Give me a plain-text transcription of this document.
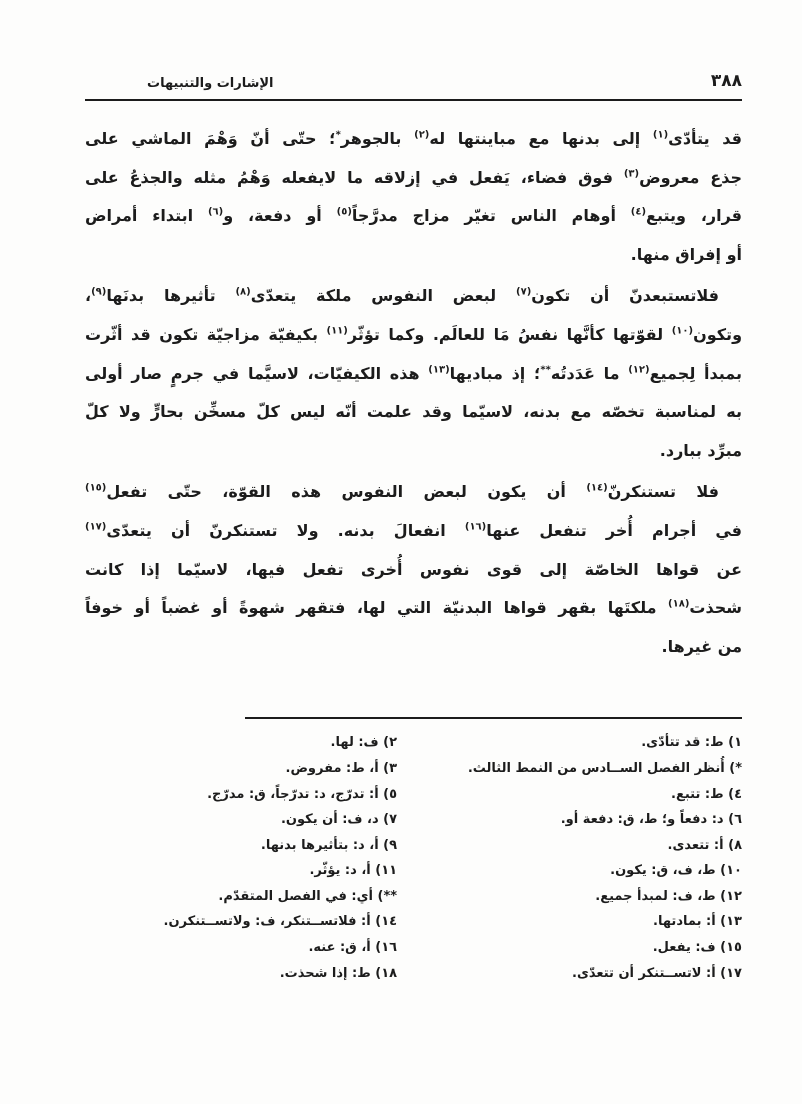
٣٨٨
الإشارات والتنبيهات
قد يتأدّى$^{(١)}$ إلى بدنها مع مباينتها له$^{(٢)}$ بالجوهر*؛ حتّى أنّ وَهْمَ الماشي على
جذع معروض$^{(٣)}$ فوق فضاء، يَفعل في إزلاقه ما لايفعله وَهْمُ مثله والجذعُ على
قرار، ويتبع$^{(٤)}$ أوهام الناس تغيّر مزاج مدرَّجاً$^{(٥)}$ أو دفعة، و$^{(٦)}$ ابتداء أمراض
أو إفراق منها.
فلاتستبعدنّ أن تكون$^{(٧)}$ لبعض النفوس ملكة يتعدّى$^{(٨)}$ تأثيرها بدنَها$^{(٩)}$،
وتكون$^{(١٠)}$ لقوّتها كأنَّها نفسُ مَا للعالَم. وكما تؤثّر$^{(١١)}$ بكيفيّة مزاجيّة تكون قد أثّرت
بمبدأ لِجميع$^{(١٢)}$ ما عَدَدتُه**؛ إذ مباديها$^{(١٣)}$ هذه الكيفيّات، لاسيَّما في جرمٍ صار أولى
به لمناسبة تخصّه مع بدنه، لاسيّما وقد علمت أنّه ليس كلّ مسخِّن بحارٍّ ولا كلّ
مبرِّد ببارد.
فلا تستنكرنّ$^{(١٤)}$ أن يكون لبعض النفوس هذه القوّة، حتّى تفعل$^{(١٥)}$
في أجرام أُخر تنفعل عنها$^{(١٦)}$ انفعالَ بدنه. ولا تستنكرنّ أن يتعدّى$^{(١٧)}$
عن قواها الخاصّة إلى قوى نفوس أُخرى تفعل فيها، لاسيّما إذا كانت
شحذت$^{(١٨)}$ ملكتَها بقهر قواها البدنيّة التي لها، فتقهر شهوةً أو غضباً أو خوفاً
من غيرها.
١) ط: قد تتأدّى.
*) أُنظر الفصل الســادس من النمط الثالث.
٤) ط: تتبع.
٦) د: دفعاً و؛ ط، ق: دفعة أو.
٨) أ: تتعدى.
١٠) ط، ف، ق: يكون.
١٢) ط، ف: لمبدأ جميع.
١٣) أ: بمادتها.
١٥) ف: يفعل.
١٧) أ: لاتســتنكر أن تتعدّى.
٢) ف: لها.
٣) أ، ط: مفروض.
٥) أ: تدرّج، د: تدرّجاً، ق: مدرّج.
٧) د، ف: أن يكون.
٩) أ، د: بتأثيرها بدنها.
١١) أ، د: يؤثّر.
**) أي: في الفصل المتقدّم.
١٤) أ: فلاتســتنكر، ف: ولاتســتنكرن.
١٦) أ، ق: عنه.
١٨) ط: إذا شحذت.
